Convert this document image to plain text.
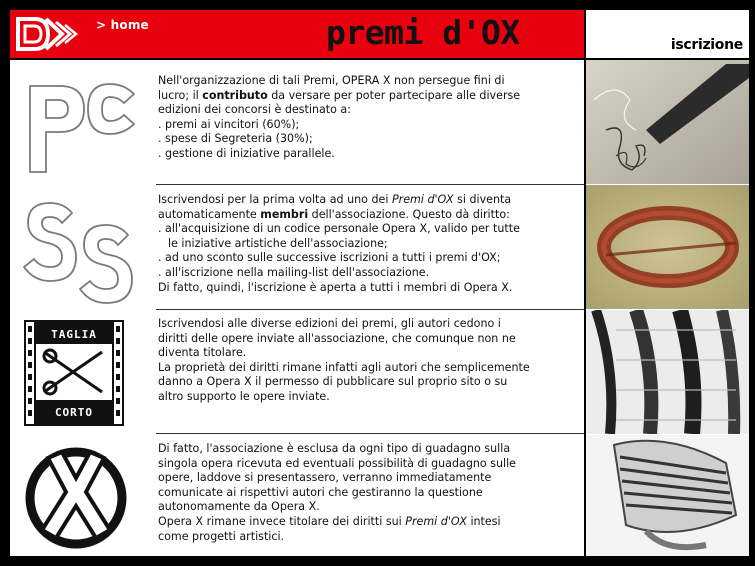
> home	premi d'OX	iscrizione

Nell'organizzazione di tali Premi, OPERA X non persegue fini di

lucro; il contributo da versare per poter partecipare alle diverse

edizioni dei concorsi è destinato a:

. premi ai vincitori (60%);

. spese di Segreteria (30%);

. gestione di iniziative parallele.

Iscrivendosi per la prima volta ad uno dei Premi d'OX si diventa

automaticamente membri dell'associazione. Questo dà diritto:

. all'acquisizione di un codice personale Opera X, valido per tutte

le iniziative artistiche dell'associazione;

. ad uno sconto sulle successive iscrizioni a tutti i premi d'OX;

. all'iscrizione nella mailing-list dell'associazione.

Di fatto, quindi, l'iscrizione è aperta a tutti i membri di Opera X.

TAGLIA
CORTO

Iscrivendosi alle diverse edizioni dei premi, gli autori cedono i

diritti delle opere inviate all'associazione, che comunque non ne

diventa titolare.

La proprietà dei diritti rimane infatti agli autori che semplicemente

danno a Opera X il permesso di pubblicare sul proprio sito o su

altro supporto le opere inviate.

Di fatto, l'associazione è esclusa da ogni tipo di guadagno sulla

singola opera ricevuta ed eventuali possibilità di guadagno sulle

opere, laddove si presentassero, verranno immediatamente

comunicate ai rispettivi autori che gestiranno la questione

autonomamente da Opera X.

Opera X rimane invece titolare dei diritti sui Premi d'OX intesi

come progetti artistici.
